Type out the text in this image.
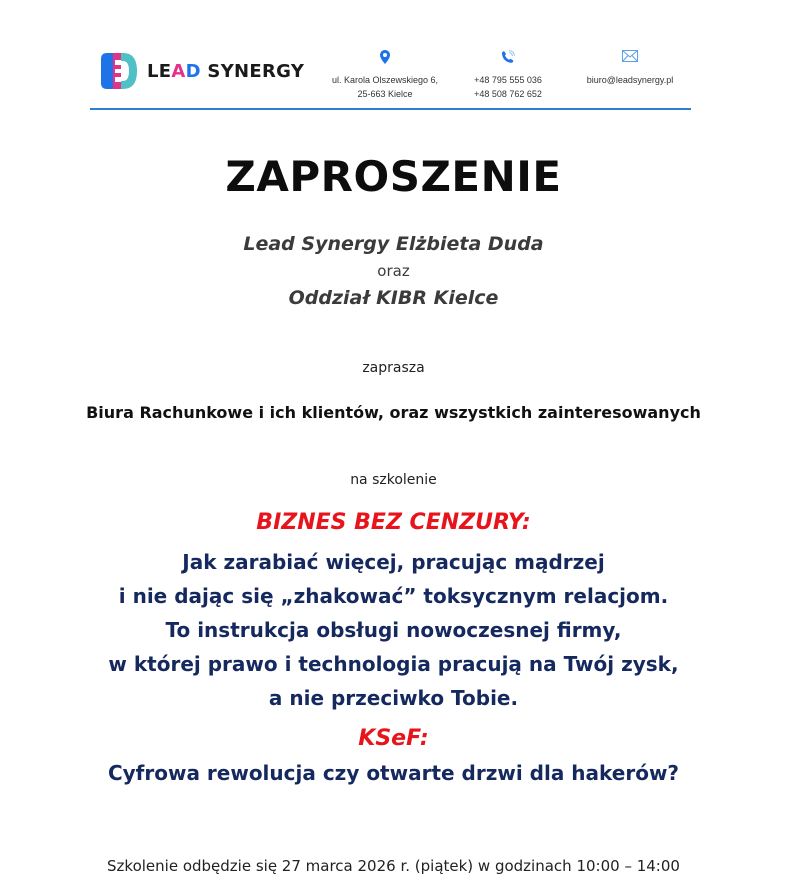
LEAD SYNERGY	ul. Karola Olszewskiego 6,
25-663 Kielce
+48 795 555 036
+48 508 762 652
biuro@leadsynergy.pl
ZAPROSZENIE
Lead Synergy Elżbieta Duda
oraz
Oddział KIBR Kielce
zaprasza
Biura Rachunkowe i ich klientów, oraz wszystkich zainteresowanych
na szkolenie
BIZNES BEZ CENZURY:
Jak zarabiać więcej, pracując mądrzej
i nie dając się „zhakować” toksycznym relacjom.
To instrukcja obsługi nowoczesnej firmy,
w której prawo i technologia pracują na Twój zysk,
a nie przeciwko Tobie.
KSeF:
Cyfrowa rewolucja czy otwarte drzwi dla hakerów?
Szkolenie odbędzie się 27 marca 2026 r. (piątek) w godzinach 10:00 – 14:00
